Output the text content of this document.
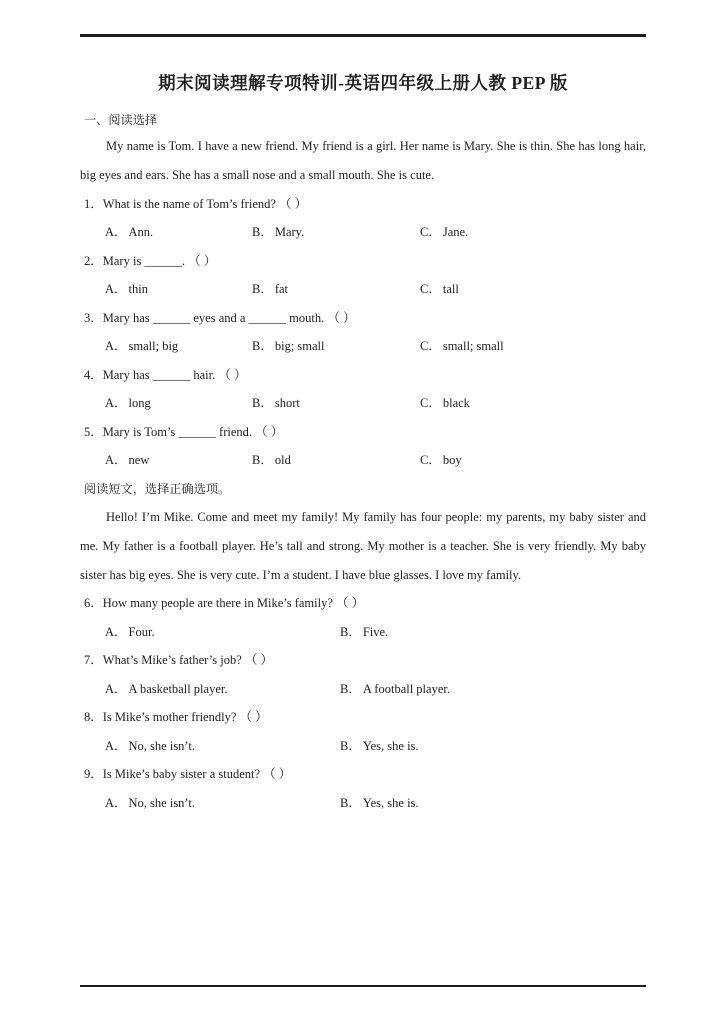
期末阅读理解专项特训-英语四年级上册人教 PEP 版
一、阅读选择

My name is Tom. I have a new friend. My friend is a girl. Her name is Mary. She is thin. She has long hair, big eyes and ears. She has a small nose and a small mouth. She is cute.

1．What is the name of Tom’s friend? （ ）
A． Ann.	B． Mary.	C． Jane.
2．Mary is ______. （ ）
A． thin	B． fat	C． tall
3．Mary has ______ eyes and a ______ mouth. （ ）
A． small; big	B． big; small	C． small; small
4．Mary has ______ hair. （ ）
A． long	B． short	C． black
5．Mary is Tom’s ______ friend. （ ）
A． new	B． old	C． boy
阅读短文，选择正确选项。

Hello! I’m Mike. Come and meet my family! My family has four people: my parents, my baby sister and me. My father is a football player. He’s tall and strong. My mother is a teacher. She is very friendly. My baby sister has big eyes. She is very cute. I’m a student. I have blue glasses. I love my family.

6．How many people are there in Mike’s family? （ ）
A． Four.	B． Five.
7．What’s Mike’s father’s job? （ ）
A． A basketball player.	B． A football player.
8．Is Mike’s mother friendly? （ ）
A． No, she isn’t.	B． Yes, she is.
9．Is Mike’s baby sister a student? （ ）
A． No, she isn’t.	B． Yes, she is.
